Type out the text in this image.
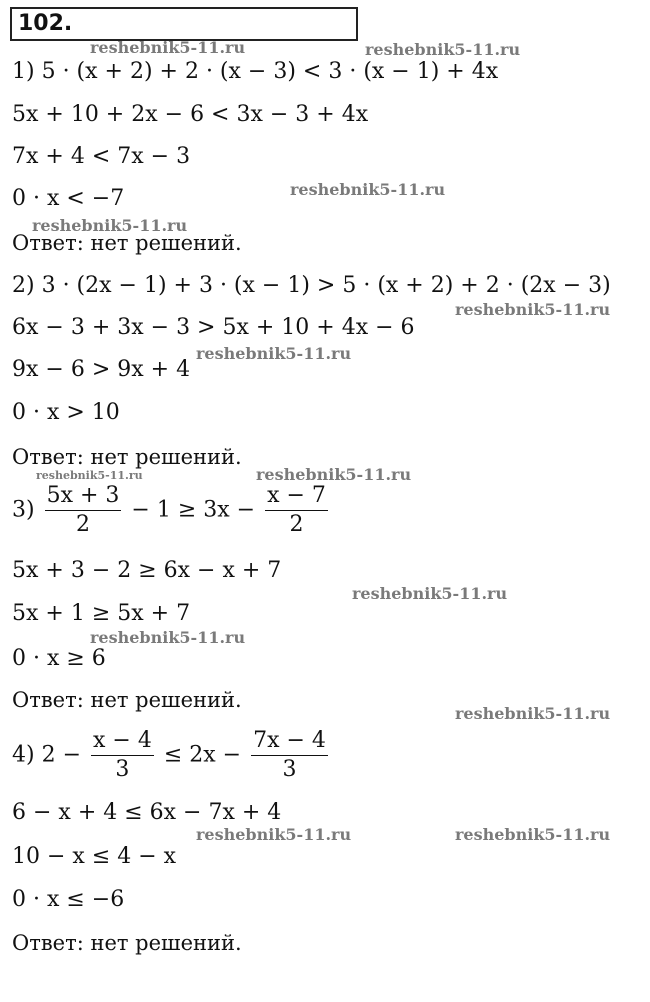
102.
1) 5 · (x + 2) + 2 · (x − 3) < 3 · (x − 1) + 4x
5x + 10 + 2x − 6 < 3x − 3 + 4x
7x + 4 < 7x − 3
0 · x < −7
Ответ: нет решений.
2) 3 · (2x − 1) + 3 · (x − 1) > 5 · (x + 2) + 2 · (2x − 3)
6x − 3 + 3x − 3 > 5x + 10 + 4x − 6
9x − 6 > 9x + 4
0 · x > 10
Ответ: нет решений.
$3) \frac{5x + 3}{2} - 1 \ge 3x - \frac{x - 7}{2}$
5x + 3 − 2 ≥ 6x − x + 7
5x + 1 ≥ 5x + 7
0 · x ≥ 6
Ответ: нет решений.
4) $2 - \frac{x - 4}{3} \le 2x - \frac{7x - 4}{3}$
6 − x + 4 ≤ 6x − 7x + 4
10 − x ≤ 4 − x
0 · x ≤ −6
Ответ: нет решений.
reshebnik5-11.ru	reshebnik5-11.ru
reshebnik5-11.ru
reshebnik5-11.ru
reshebnik5-11.ru
reshebnik5-11.ru
reshebnik5-11.ru	reshebnik5-11.ru
reshebnik5-11.ru
reshebnik5-11.ru
reshebnik5-11.ru
reshebnik5-11.ru	reshebnik5-11.ru
